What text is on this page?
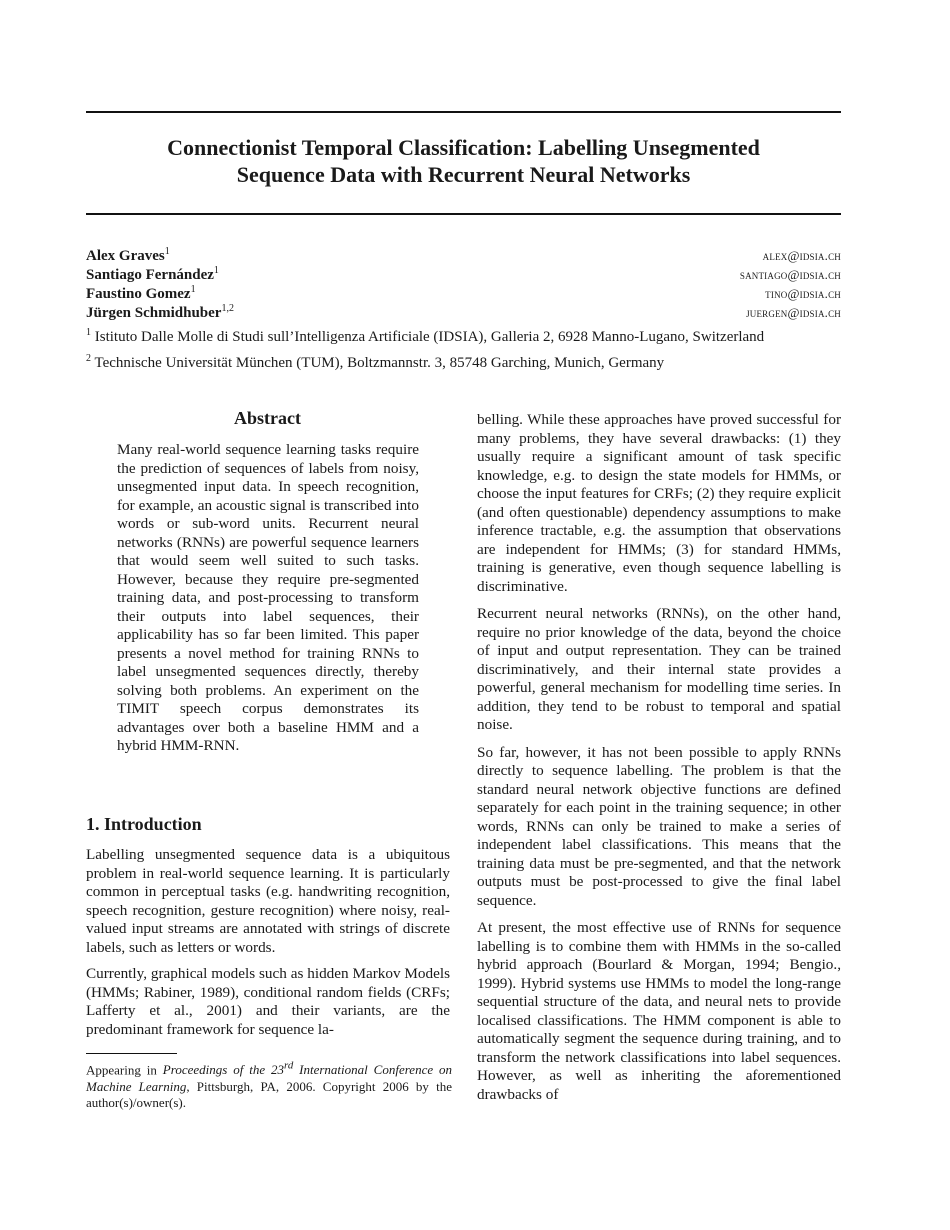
Connectionist Temporal Classification: Labelling Unsegmented
Sequence Data with Recurrent Neural Networks
Alex Graves$^1$	alex@idsia.ch
Santiago Fernández$^1$	santiago@idsia.ch
Faustino Gomez$^1$	tino@idsia.ch
Jürgen Schmidhuber$^{1,2}$	juergen@idsia.ch
$^1$ Istituto Dalle Molle di Studi sull’Intelligenza Artificiale (IDSIA), Galleria 2, 6928 Manno-Lugano, Switzerland
$^2$ Technische Universität München (TUM), Boltzmannstr. 3, 85748 Garching, Munich, Germany
Abstract
Many real-world sequence learning tasks require the prediction of sequences of labels from noisy, unsegmented input data. In speech recognition, for example, an acoustic signal is transcribed into words or sub-word units. Recurrent neural networks (RNNs) are powerful sequence learners that would seem well suited to such tasks. However, because they require pre-segmented training data, and post-processing to transform their outputs into label sequences, their applicability has so far been limited. This paper presents a novel method for training RNNs to label unsegmented sequences directly, thereby solving both problems. An experiment on the TIMIT speech corpus demonstrates its advantages over both a baseline HMM and a hybrid HMM-RNN.
1. Introduction

Labelling unsegmented sequence data is a ubiquitous problem in real-world sequence learning. It is particularly common in perceptual tasks (e.g. handwriting recognition, speech recognition, gesture recognition) where noisy, real-valued input streams are annotated with strings of discrete labels, such as letters or words.

Currently, graphical models such as hidden Markov Models (HMMs; Rabiner, 1989), conditional random fields (CRFs; Lafferty et al., 2001) and their variants, are the predominant framework for sequence la-

Appearing in Proceedings of the 23rd International Conference on Machine Learning, Pittsburgh, PA, 2006. Copyright 2006 by the author(s)/owner(s).

belling. While these approaches have proved successful for many problems, they have several drawbacks: (1) they usually require a significant amount of task specific knowledge, e.g. to design the state models for HMMs, or choose the input features for CRFs; (2) they require explicit (and often questionable) dependency assumptions to make inference tractable, e.g. the assumption that observations are independent for HMMs; (3) for standard HMMs, training is generative, even though sequence labelling is discriminative.

Recurrent neural networks (RNNs), on the other hand, require no prior knowledge of the data, beyond the choice of input and output representation. They can be trained discriminatively, and their internal state provides a powerful, general mechanism for modelling time series. In addition, they tend to be robust to temporal and spatial noise.

So far, however, it has not been possible to apply RNNs directly to sequence labelling. The problem is that the standard neural network objective functions are defined separately for each point in the training sequence; in other words, RNNs can only be trained to make a series of independent label classifications. This means that the training data must be pre-segmented, and that the network outputs must be post-processed to give the final label sequence.

At present, the most effective use of RNNs for sequence labelling is to combine them with HMMs in the so-called hybrid approach (Bourlard & Morgan, 1994; Bengio., 1999). Hybrid systems use HMMs to model the long-range sequential structure of the data, and neural nets to provide localised classifications. The HMM component is able to automatically segment the sequence during training, and to transform the network classifications into label sequences. However, as well as inheriting the aforementioned drawbacks of
